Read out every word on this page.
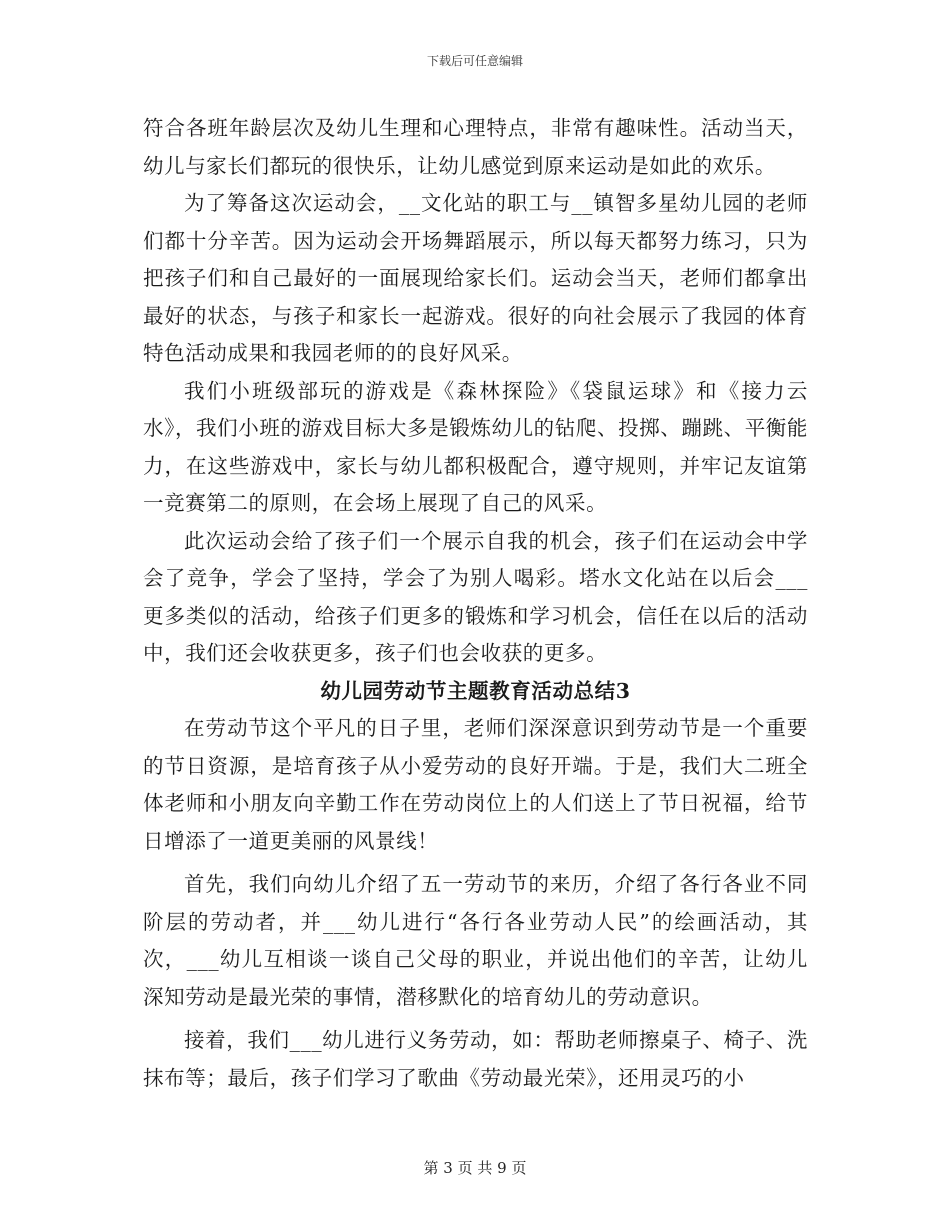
下载后可任意编辑

符合各班年龄层次及幼儿生理和心理特点，非常有趣味性。活动当天，幼儿与家长们都玩的很快乐，让幼儿感觉到原来运动是如此的欢乐。

为了筹备这次运动会，__文化站的职工与__镇智多星幼儿园的老师们都十分辛苦。因为运动会开场舞蹈展示，所以每天都努力练习，只为把孩子们和自己最好的一面展现给家长们。运动会当天，老师们都拿出最好的状态，与孩子和家长一起游戏。很好的向社会展示了我园的体育特色活动成果和我园老师的的良好风采。

我们小班级部玩的游戏是《森林探险》《袋鼠运球》和《接力云水》，我们小班的游戏目标大多是锻炼幼儿的钻爬、投掷、蹦跳、平衡能力，在这些游戏中，家长与幼儿都积极配合，遵守规则，并牢记友谊第一竞赛第二的原则，在会场上展现了自己的风采。

此次运动会给了孩子们一个展示自我的机会，孩子们在运动会中学会了竞争，学会了坚持，学会了为别人喝彩。塔水文化站在以后会___更多类似的活动，给孩子们更多的锻炼和学习机会，信任在以后的活动中，我们还会收获更多，孩子们也会收获的更多。

幼儿园劳动节主题教育活动总结3

在劳动节这个平凡的日子里，老师们深深意识到劳动节是一个重要的节日资源，是培育孩子从小爱劳动的良好开端。于是，我们大二班全体老师和小朋友向辛勤工作在劳动岗位上的人们送上了节日祝福，给节日增添了一道更美丽的风景线！

首先，我们向幼儿介绍了五一劳动节的来历，介绍了各行各业不同阶层的劳动者，并___幼儿进行“各行各业劳动人民”的绘画活动，其次，___幼儿互相谈一谈自己父母的职业，并说出他们的辛苦，让幼儿深知劳动是最光荣的事情，潜移默化的培育幼儿的劳动意识。

接着，我们___幼儿进行义务劳动，如：帮助老师擦桌子、椅子、洗抹布等；最后，孩子们学习了歌曲《劳动最光荣》，还用灵巧的小

第 3 页 共 9 页
